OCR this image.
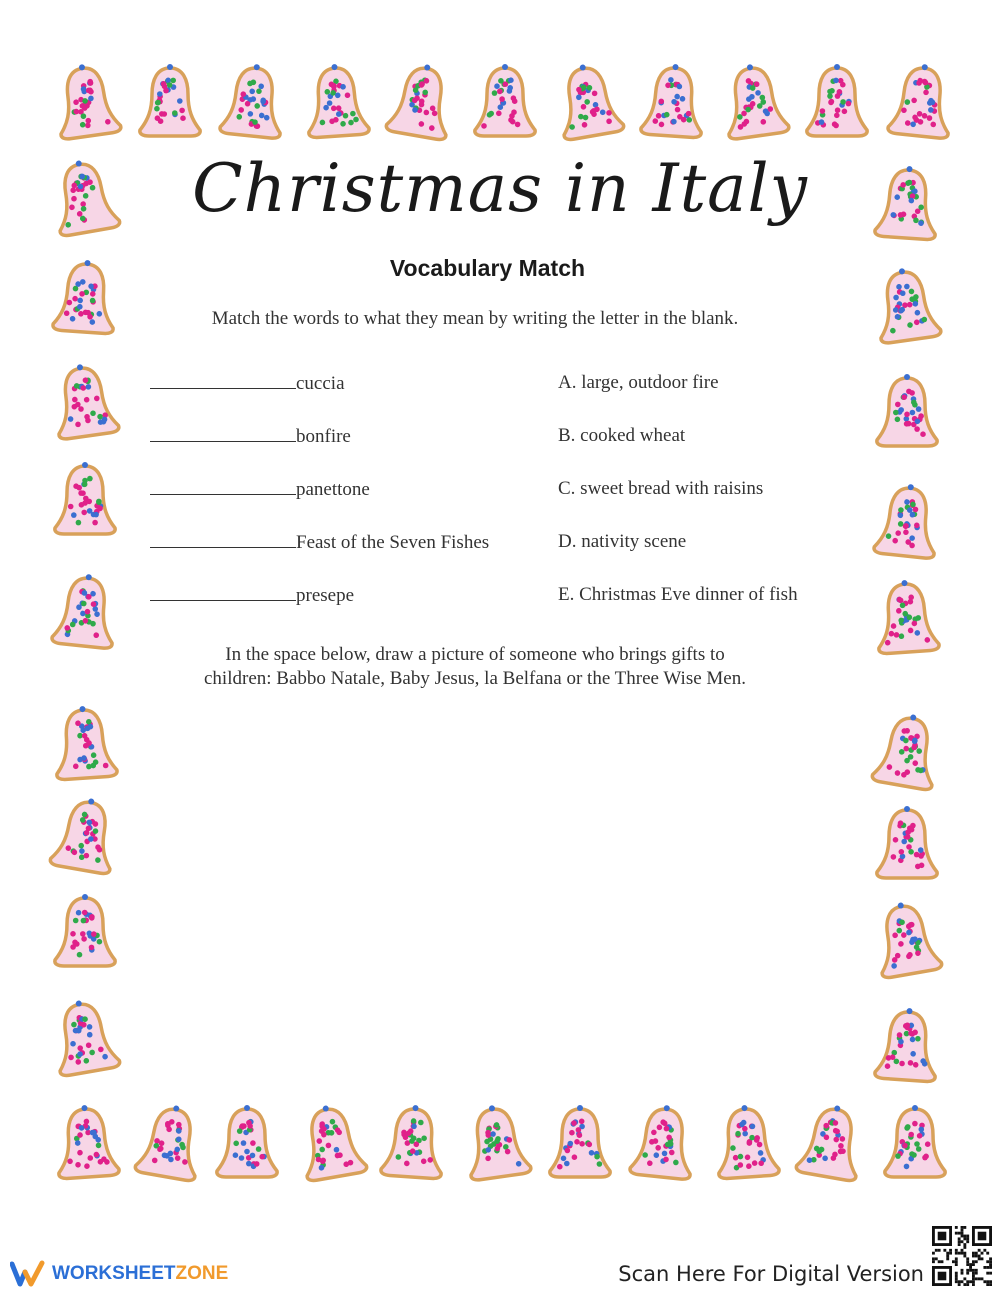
Christmas in Italy
Vocabulary Match
Match the words to what they mean by writing the letter in the blank.
cuccia
bonfire
panettone
Feast of the Seven Fishes
presepe
A. large, outdoor fire
B. cooked wheat
C. sweet bread with raisins
D. nativity scene
E. Christmas Eve dinner of fish
In the space below, draw a picture of someone who brings gifts to
children: Babbo Natale, Baby Jesus, la Belfana or the Three Wise Men.
WORKSHEETZONE	Scan Here For Digital Version
